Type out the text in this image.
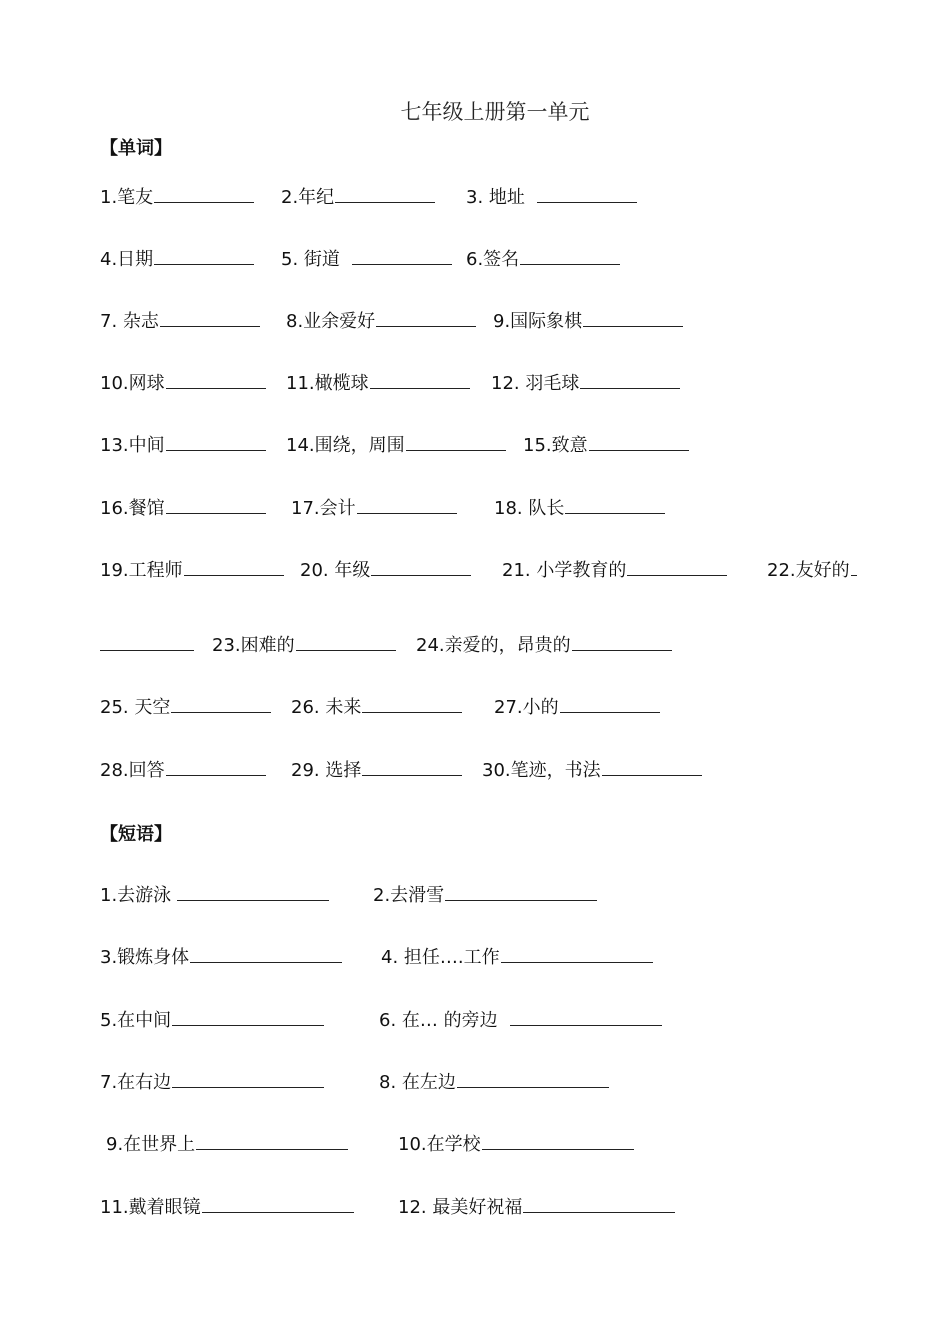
七年级上册第一单元
【单词】
1.笔友	2.年纪	3. 地址
4.日期	5. 街道	6.签名
7. 杂志	8.业余爱好	9.国际象棋
10.网球	11.橄榄球	12. 羽毛球
13.中间	14.围绕，周围	15.致意
16.餐馆	17.会计	18. 队长
19.工程师	20. 年级	21. 小学教育的	22.友好的
23.困难的	24.亲爱的，昂贵的
25. 天空	26. 未来	27.小的
28.回答	29. 选择	30.笔迹，书法
【短语】
1.去游泳	2.去滑雪
3.锻炼身体	4. 担任….工作
5.在中间	6. 在… 的旁边
7.在右边	8. 在左边
9.在世界上	10.在学校
11.戴着眼镜	12. 最美好祝福
